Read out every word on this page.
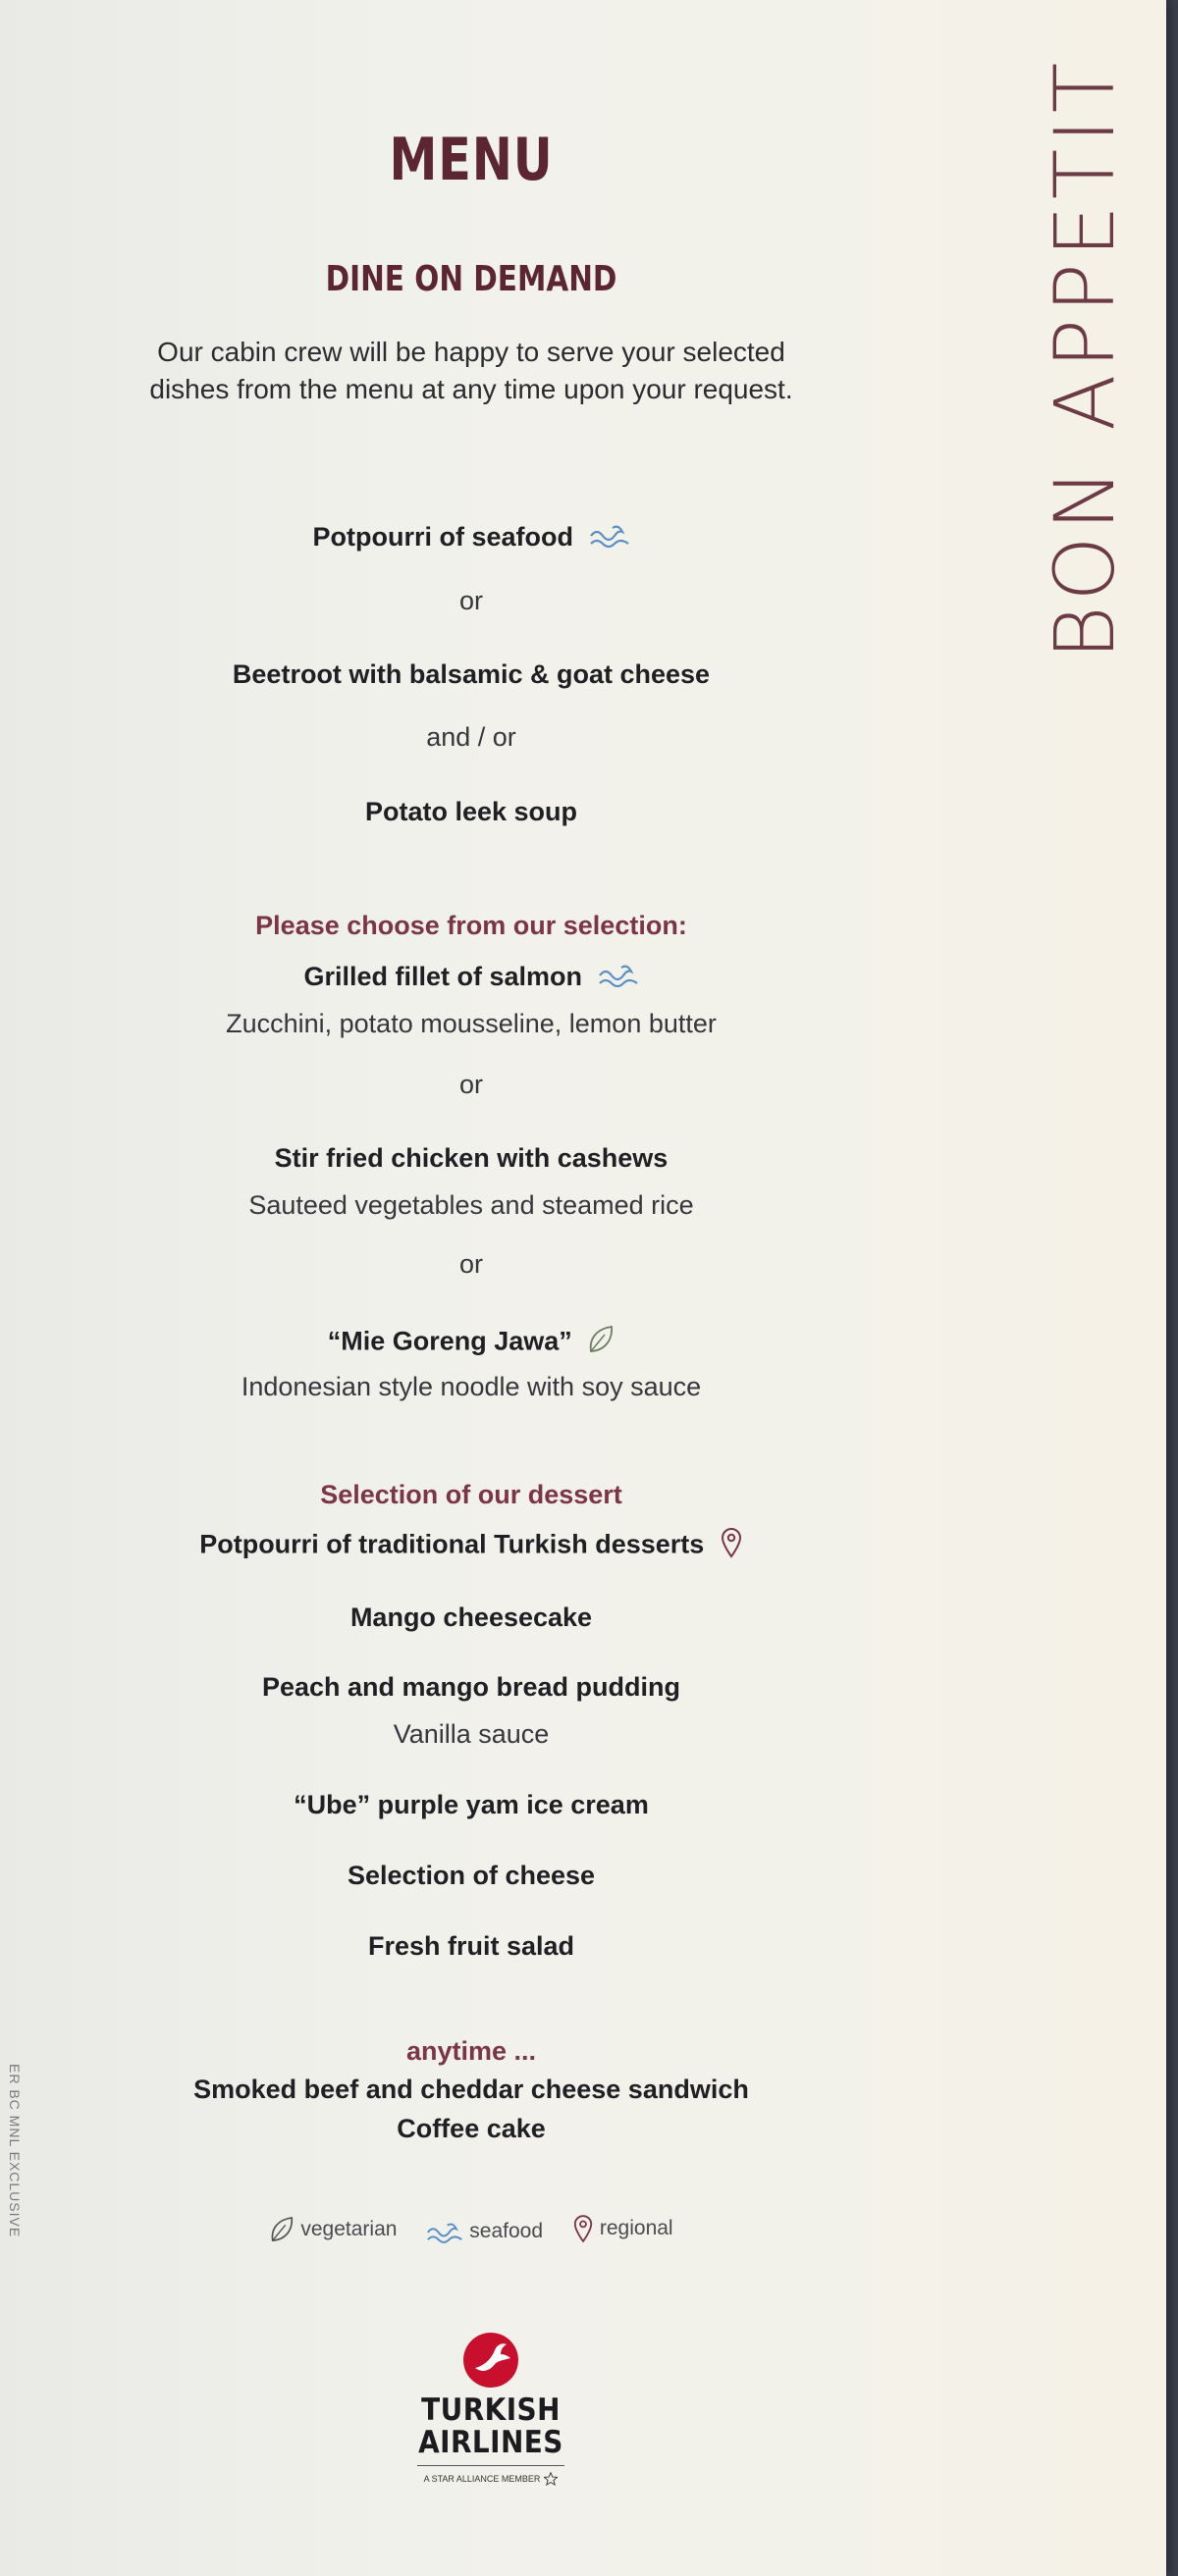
ER BC MNL EXCLUSIVE
BON APPETIT
MENU
DINE ON DEMAND
Our cabin crew will be happy to serve your selected
dishes from the menu at any time upon your request.
Potpourri of seafood
or
Beetroot with balsamic & goat cheese
and / or
Potato leek soup
Please choose from our selection:
Grilled fillet of salmon
Zucchini, potato mousseline, lemon butter
or
Stir fried chicken with cashews
Sauteed vegetables and steamed rice
or
“Mie Goreng Jawa”
Indonesian style noodle with soy sauce
Selection of our dessert
Potpourri of traditional Turkish desserts
Mango cheesecake
Peach and mango bread pudding
Vanilla sauce
“Ube” purple yam ice cream
Selection of cheese
Fresh fruit salad
anytime ...
Smoked beef and cheddar cheese sandwich
Coffee cake
vegetarian
	seafood
	regional
TURKISH
AIRLINES
A STAR ALLIANCE MEMBER
